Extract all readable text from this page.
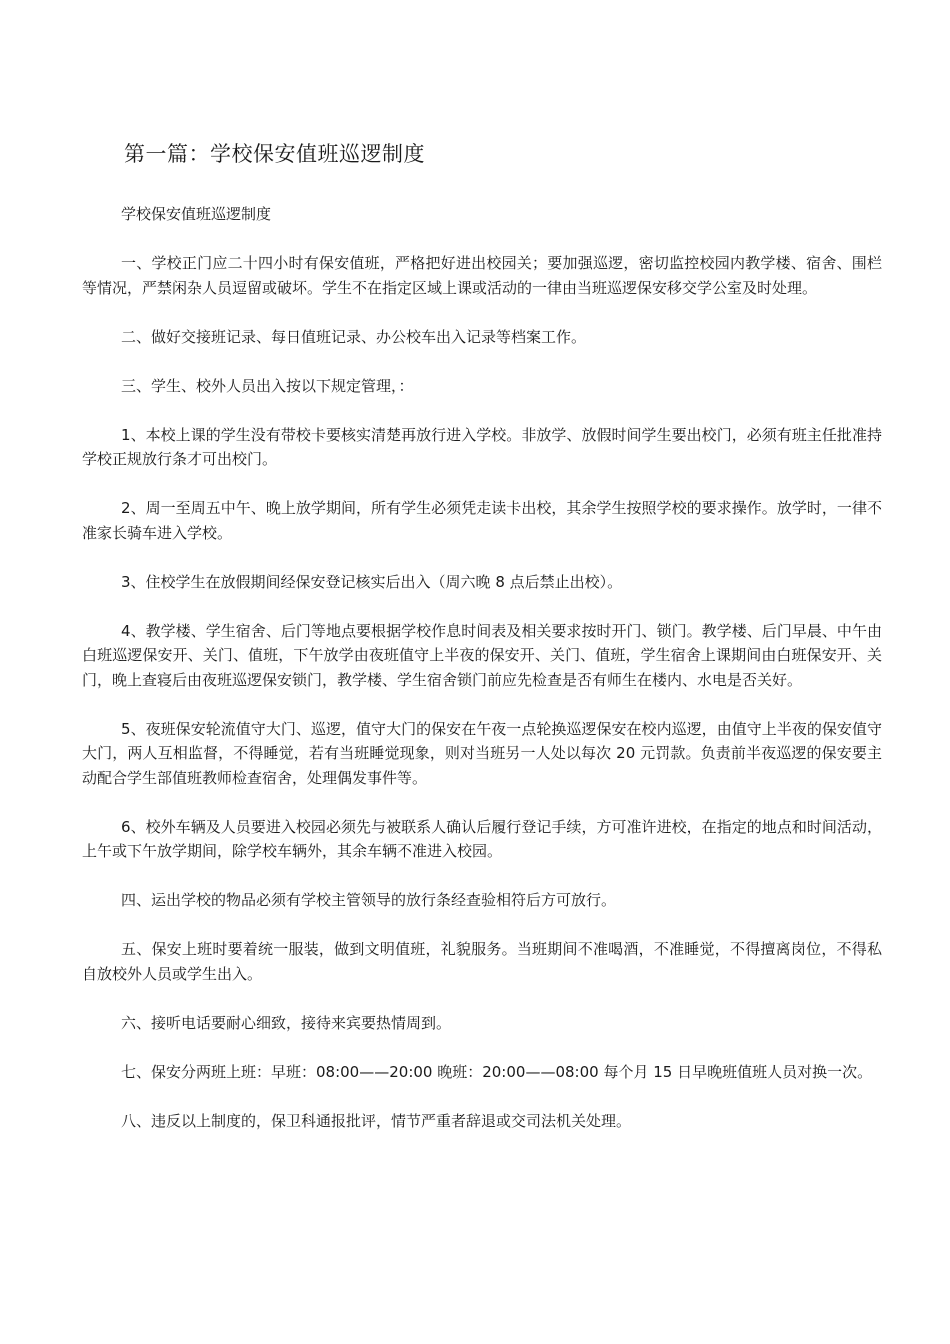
第一篇：学校保安值班巡逻制度

学校保安值班巡逻制度

一、学校正门应二十四小时有保安值班，严格把好进出校园关；要加强巡逻，密切监控校园内教学楼、宿舍、围栏等情况，严禁闲杂人员逗留或破坏。学生不在指定区域上课或活动的一律由当班巡逻保安移交学公室及时处理。

二、做好交接班记录、每日值班记录、办公校车出入记录等档案工作。

三、学生、校外人员出入按以下规定管理，：

1、本校上课的学生没有带校卡要核实清楚再放行进入学校。非放学、放假时间学生要出校门，必须有班主任批准持学校正规放行条才可出校门。

2、周一至周五中午、晚上放学期间，所有学生必须凭走读卡出校，其余学生按照学校的要求操作。放学时，一律不准家长骑车进入学校。

3、住校学生在放假期间经保安登记核实后出入（周六晚 8 点后禁止出校）。

4、教学楼、学生宿舍、后门等地点要根据学校作息时间表及相关要求按时开门、锁门。教学楼、后门早晨、中午由白班巡逻保安开、关门、值班，下午放学由夜班值守上半夜的保安开、关门、值班，学生宿舍上课期间由白班保安开、关门，晚上查寝后由夜班巡逻保安锁门，教学楼、学生宿舍锁门前应先检查是否有师生在楼内、水电是否关好。

5、夜班保安轮流值守大门、巡逻，值守大门的保安在午夜一点轮换巡逻保安在校内巡逻，由值守上半夜的保安值守大门，两人互相监督，不得睡觉，若有当班睡觉现象，则对当班另一人处以每次 20 元罚款。负责前半夜巡逻的保安要主动配合学生部值班教师检查宿舍，处理偶发事件等。

6、校外车辆及人员要进入校园必须先与被联系人确认后履行登记手续，方可准许进校，在指定的地点和时间活动，上午或下午放学期间，除学校车辆外，其余车辆不准进入校园。

四、运出学校的物品必须有学校主管领导的放行条经查验相符后方可放行。

五、保安上班时要着统一服装，做到文明值班，礼貌服务。当班期间不准喝酒，不准睡觉，不得擅离岗位，不得私自放校外人员或学生出入。

六、接听电话要耐心细致，接待来宾要热情周到。

七、保安分两班上班：早班：08:00——20:00 晚班：20:00——08:00 每个月 15 日早晚班值班人员对换一次。

八、违反以上制度的，保卫科通报批评，情节严重者辞退或交司法机关处理。
